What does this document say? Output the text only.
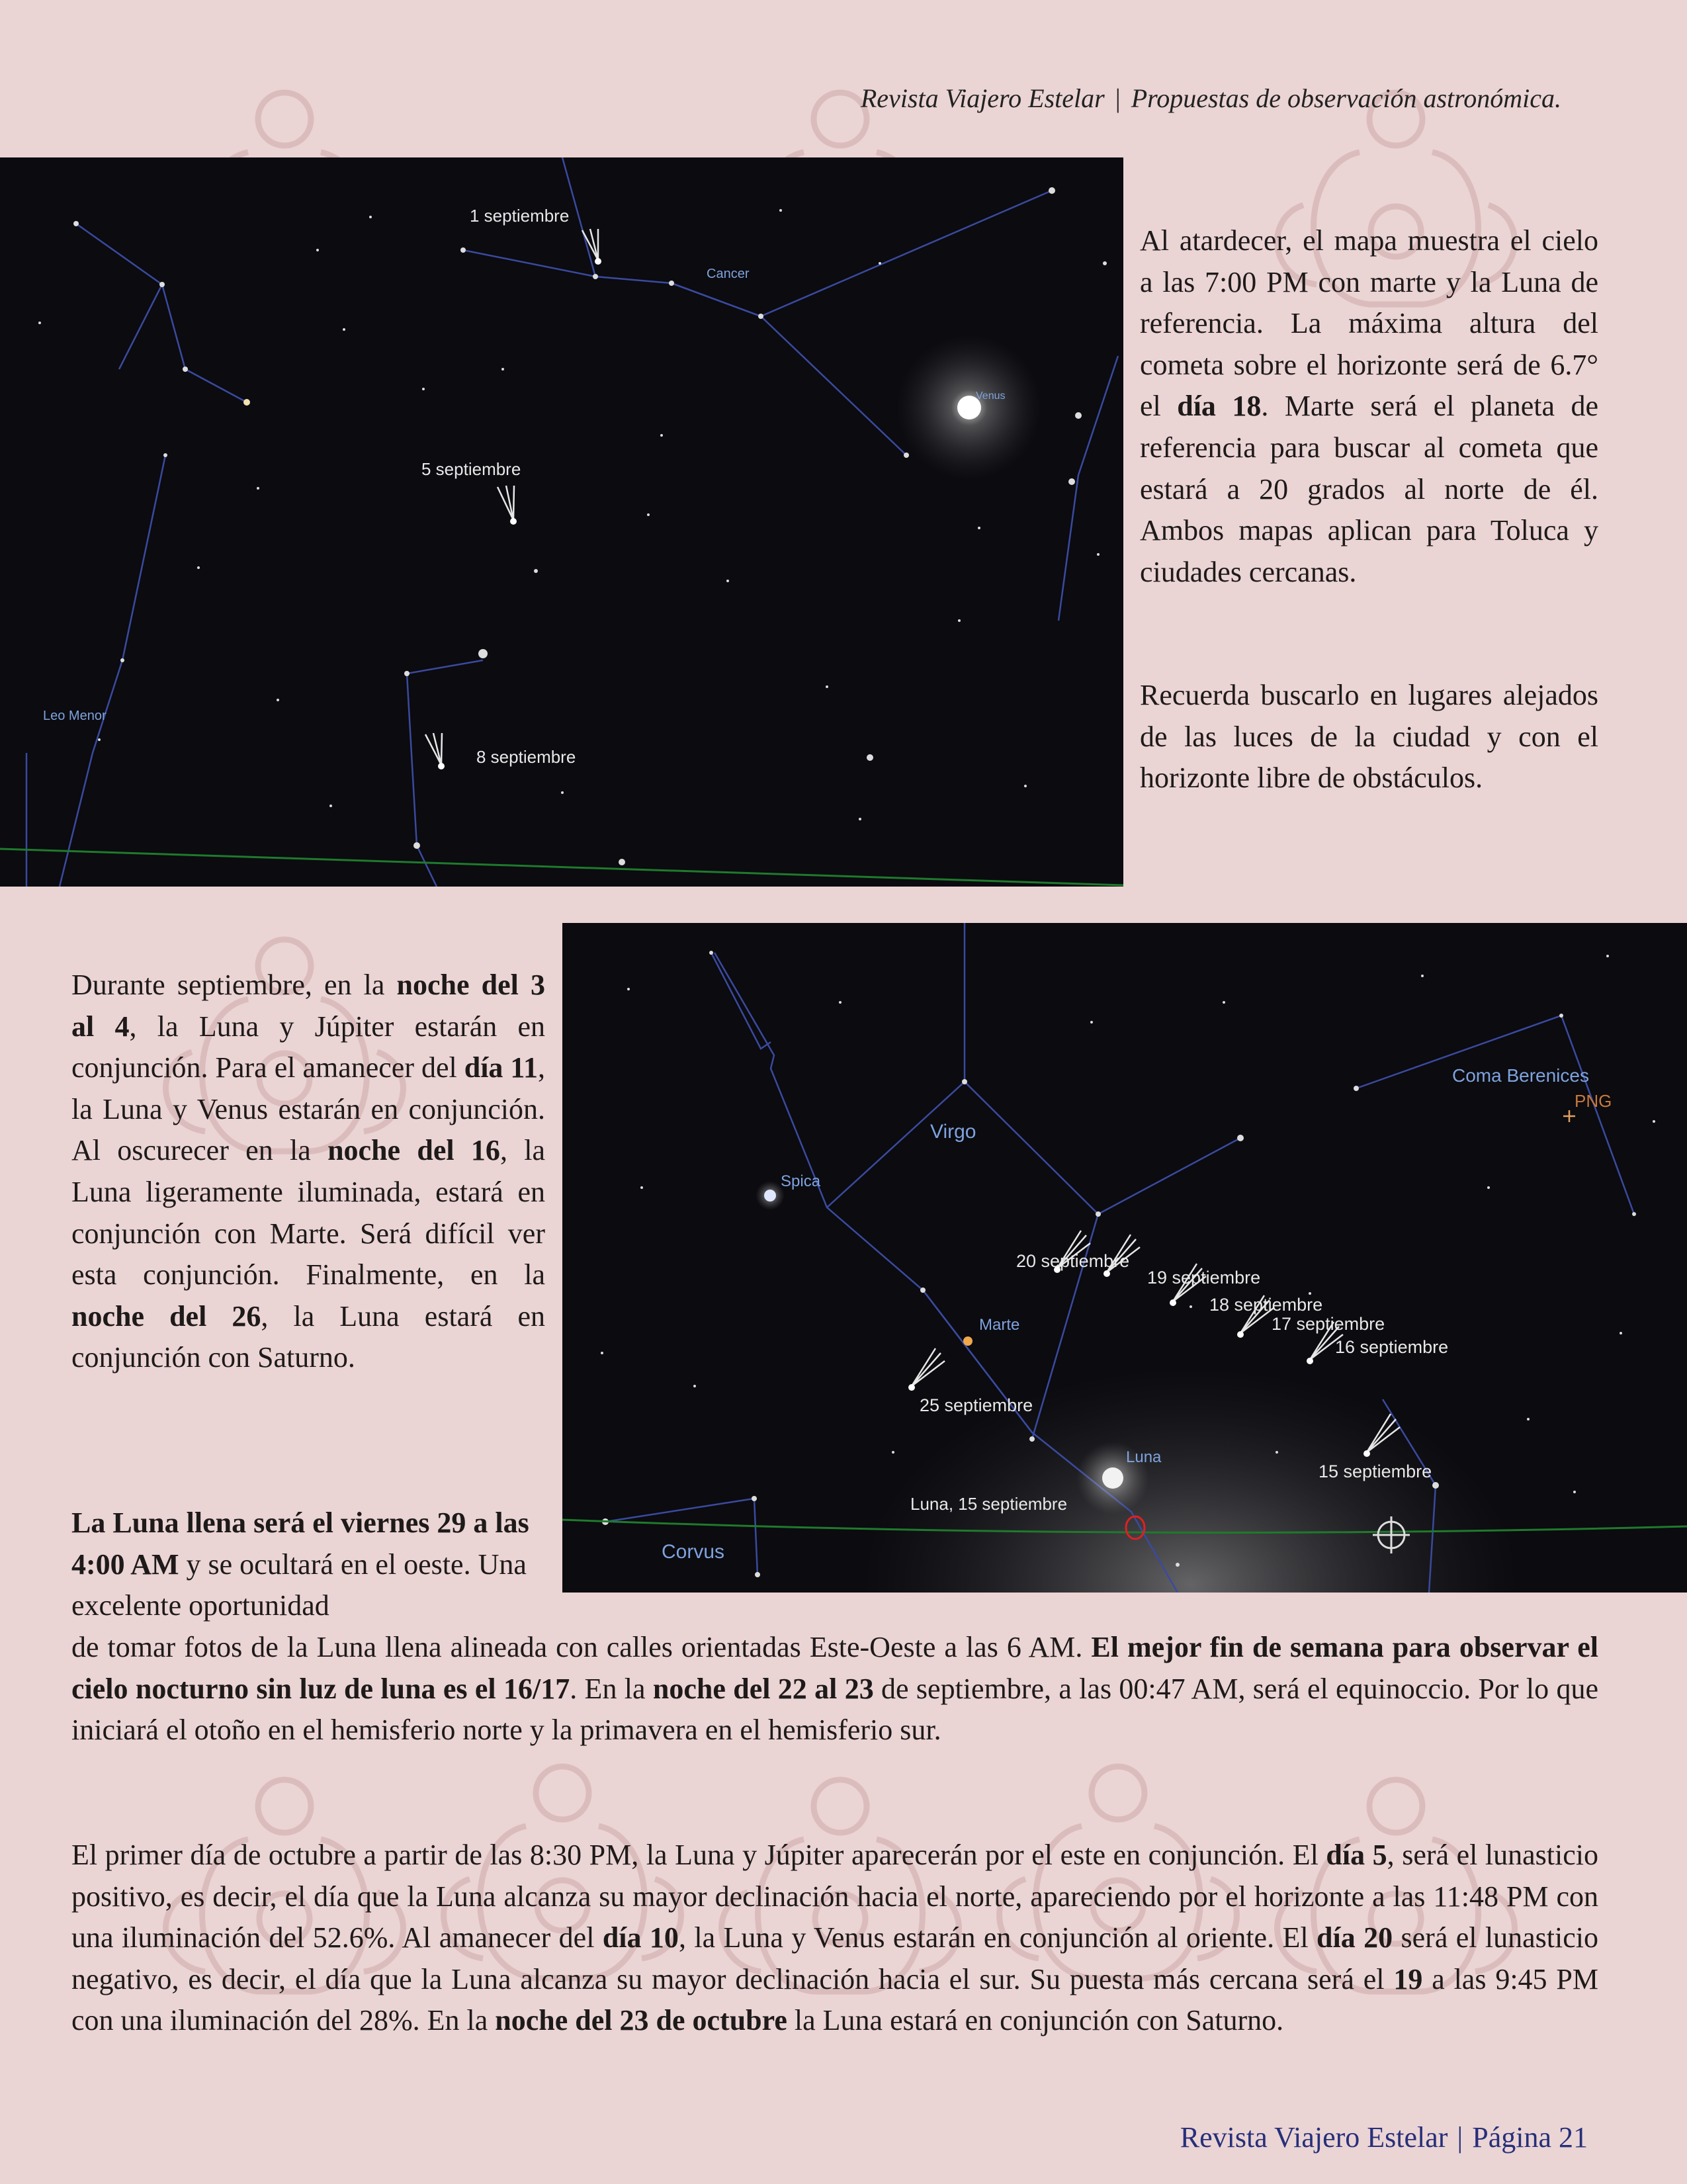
Revista Viajero Estelar | Propuestas de observación astronómica.
1 septiembre
5 septiembre
8 septiembre
Cancer
Venus
Leo Menor
Al atardecer, el mapa muestra el cielo a las 7:00 PM con marte y la Luna de referencia. La máxima altura del cometa sobre el horizonte será de 6.7° el día 18. Marte será el planeta de referencia para buscar al cometa que estará a 20 grados al norte de él. Ambos mapas aplican para Toluca y ciudades cercanas.
Recuerda buscarlo en lugares alejados de las luces de la ciudad y con el horizonte libre de obstáculos.
Virgo
Spica
Coma Berenices
PNG
Marte
Luna
Luna, 15 septiembre
Corvus
15 septiembre
16 septiembre
17 septiembre
18 septiembre
19 septiembre
20 septiembre
25 septiembre
Durante septiembre, en la noche del 3 al 4, la Luna y Júpiter estarán en conjunción. Para el amanecer del día 11, la Luna y Venus estarán en conjunción. Al oscurecer en la noche del 16, la Luna ligeramente iluminada, estará en conjunción con Marte. Será difícil ver esta conjunción. Finalmente, en la noche del 26, la Luna estará en conjunción con Saturno.
La Luna llena será el viernes 29 a las 4:00 AM y se ocultará en el oeste. Una excelente oportunidad
de tomar fotos de la Luna llena alineada con calles orientadas Este-Oeste a las 6 AM. El mejor fin de semana para observar el cielo nocturno sin luz de luna es el 16/17. En la noche del 22 al 23 de septiembre, a las 00:47 AM, será el equinoccio. Por lo que iniciará el otoño en el hemisferio norte y la primavera en el hemisferio sur.
El primer día de octubre a partir de las 8:30 PM, la Luna y Júpiter aparecerán por el este en conjunción. El día 5, será el lunasticio positivo, es decir, el día que la Luna alcanza su mayor declinación hacia el norte, apareciendo por el horizonte a las 11:48 PM con una iluminación del 52.6%. Al amanecer del día 10, la Luna y Venus estarán en conjunción al oriente. El día 20 será el lunasticio negativo, es decir, el día que la Luna alcanza su mayor declinación hacia el sur. Su puesta más cercana será el 19 a las 9:45 PM con una iluminación del 28%. En la noche del 23 de octubre la Luna estará en conjunción con Saturno.
Revista Viajero Estelar | Página 21
